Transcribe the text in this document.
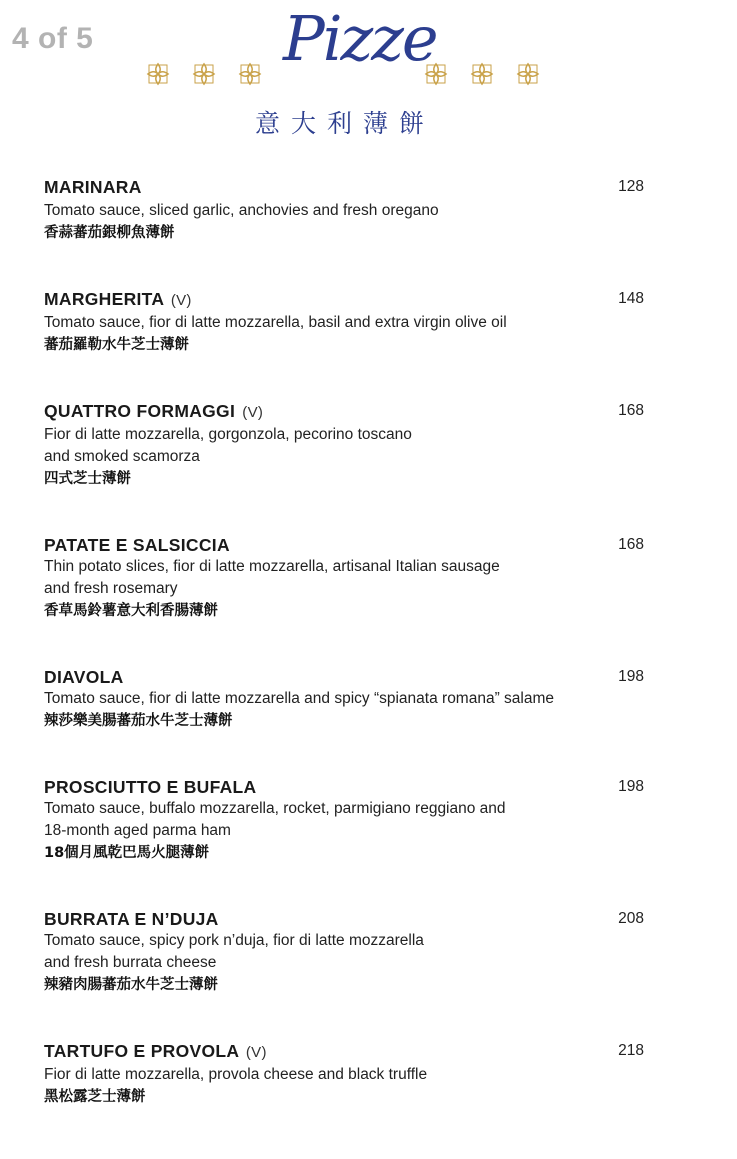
4 of 5	Pizze
意大利薄餅
MARINARA	128
Tomato sauce, sliced garlic, anchovies and fresh oregano
香蒜蕃茄銀柳魚薄餅
MARGHERITA (V)	148
Tomato sauce, fior di latte mozzarella, basil and extra virgin olive oil
蕃茄羅勒水牛芝士薄餅
QUATTRO FORMAGGI (V)	168
Fior di latte mozzarella, gorgonzola, pecorino toscano
and smoked scamorza
四式芝士薄餅
PATATE E SALSICCIA	168
Thin potato slices, fior di latte mozzarella, artisanal Italian sausage
and fresh rosemary
香草馬鈴薯意大利香腸薄餅
DIAVOLA	198
Tomato sauce, fior di latte mozzarella and spicy “spianata romana” salame
辣莎樂美腸蕃茄水牛芝士薄餅
PROSCIUTTO E BUFALA	198
Tomato sauce, buffalo mozzarella, rocket, parmigiano reggiano and
18-month aged parma ham
18個月風乾巴馬火腿薄餅
BURRATA E N’DUJA	208
Tomato sauce, spicy pork n’duja, fior di latte mozzarella
and fresh burrata cheese
辣豬肉腸蕃茄水牛芝士薄餅
TARTUFO E PROVOLA (V)	218
Fior di latte mozzarella, provola cheese and black truffle
黑松露芝士薄餅
